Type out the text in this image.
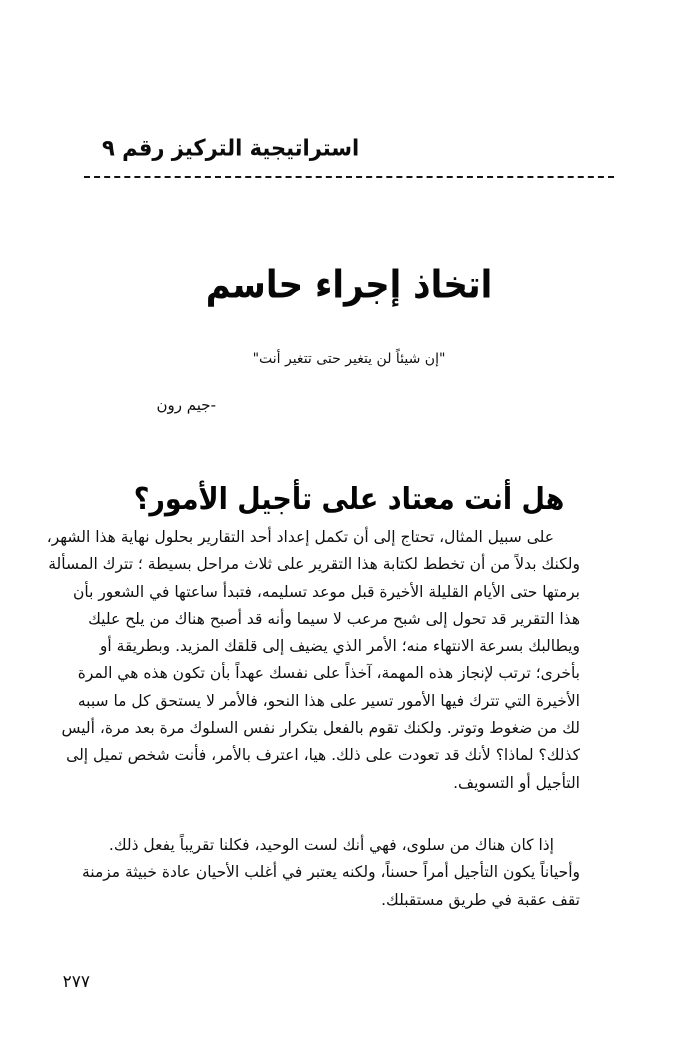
استراتيجية التركيز رقم ٩
اتخاذ إجراء حاسم
"إن شيئاً لن يتغير حتى تتغير أنت"
-جيم رون
هل أنت معتاد على تأجيل الأمور؟
على سبيل المثال، تحتاج إلى أن تكمل إعداد أحد التقارير بحلول نهاية هذا الشهر،
ولكنك بدلاً من أن تخطط لكتابة هذا التقرير على ثلاث مراحل بسيطة ؛ تترك المسألة
برمتها حتى الأيام القليلة الأخيرة قبل موعد تسليمه، فتبدأ ساعتها في الشعور بأن
هذا التقرير قد تحول إلى شبح مرعب لا سيما وأنه قد أصبح هناك من يلح عليك
ويطالبك بسرعة الانتهاء منه؛ الأمر الذي يضيف إلى قلقك المزيد. وبطريقة أو
بأخرى؛ ترتب لإنجاز هذه المهمة، آخذاً على نفسك عهداً بأن تكون هذه هي المرة
الأخيرة التي تترك فيها الأمور تسير على هذا النحو، فالأمر لا يستحق كل ما سببه
لك من ضغوط وتوتر. ولكنك تقوم بالفعل بتكرار نفس السلوك مرة بعد مرة، أليس
كذلك؟ لماذا؟ لأنك قد تعودت على ذلك. هيا، اعترف بالأمر، فأنت شخص تميل إلى
التأجيل أو التسويف.
إذا كان هناك من سلوى، فهي أنك لست الوحيد، فكلنا تقريباً يفعل ذلك.
وأحياناً يكون التأجيل أمراً حسناً، ولكنه يعتبر في أغلب الأحيان عادة خبيثة مزمنة
تقف عقبة في طريق مستقبلك.
٢٧٧
